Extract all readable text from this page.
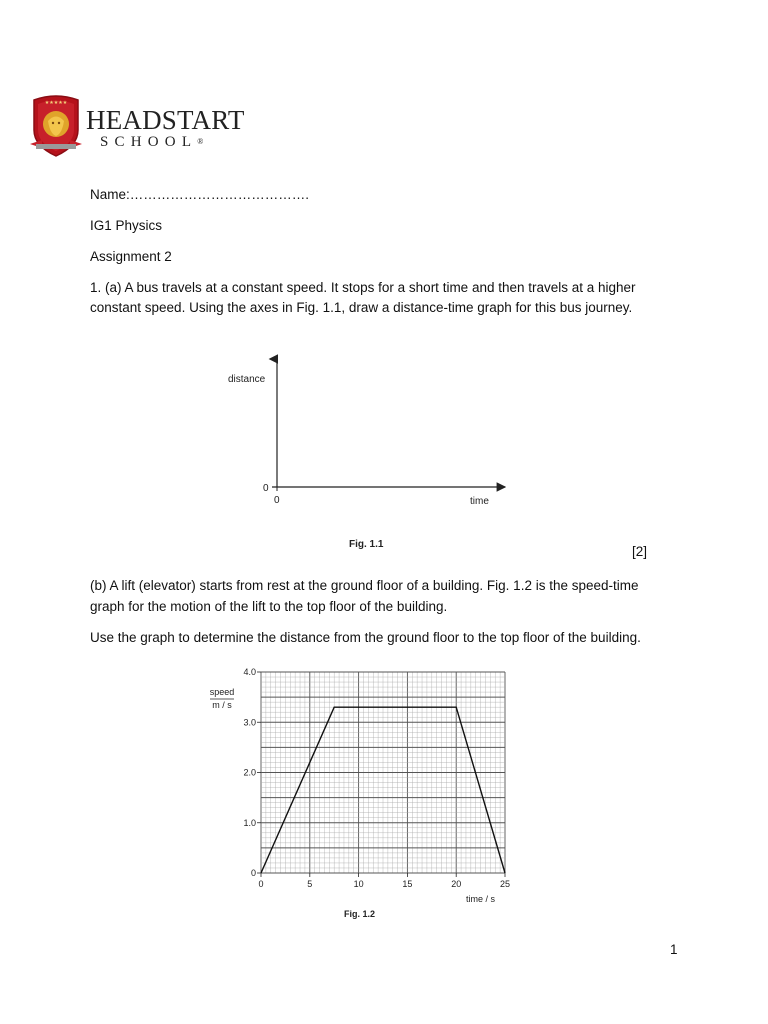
★★★★★
HEADSTART
SCHOOL®
Name:………………………………….
IG1 Physics
Assignment 2
1. (a) A bus travels at a constant speed. It stops for a short time and then travels at a higher
constant speed. Using the axes in Fig. 1.1, draw a distance-time graph for this bus journey.
distance
0
0	time
Fig. 1.1	[2]
(b) A lift (elevator) starts from rest at the ground floor of a building. Fig. 1.2 is the speed-time
graph for the motion of the lift to the top floor of the building.
Use the graph to determine the distance from the ground floor to the top floor of the building.
0	5	10	15	20	25
0
1.0
2.0
3.0
4.0
speed
m / s
time / s
Fig. 1.2
1
